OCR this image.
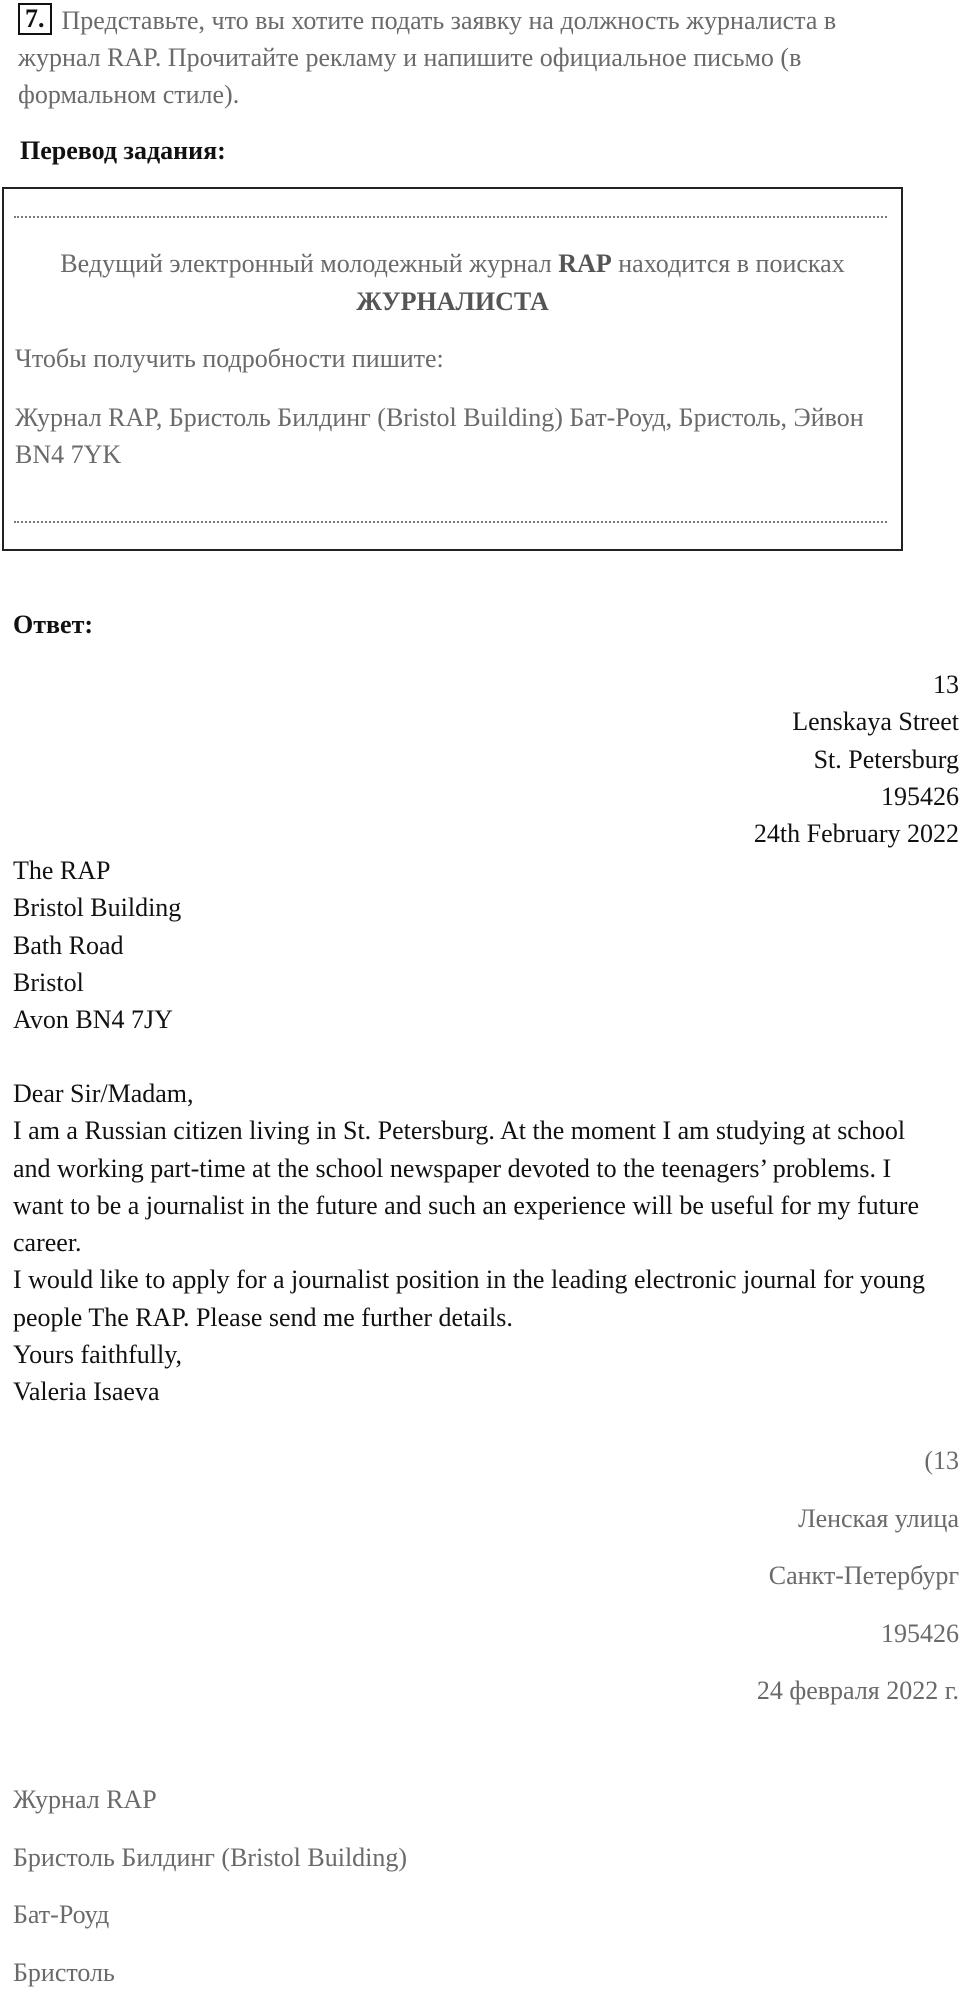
7. Представьте, что вы хотите подать заявку на должность журналиста в журнал RAP. Прочитайте рекламу и напишите официальное письмо (в формальном стиле).
Перевод задания:
Ведущий электронный молодежный журнал RAP находится в поисках
ЖУРНАЛИСТА
Чтобы получить подробности пишите:
Журнал RAP, Бристоль Билдинг (Bristol Building) Бат-Роуд, Бристоль, Эйвон BN4 7YK
Ответ:
13
Lenskaya Street
St. Petersburg
195426
24th February 2022
The RAP
Bristol Building
Bath Road
Bristol
Avon BN4 7JY

Dear Sir/Madam,

I am a Russian citizen living in St. Petersburg. At the moment I am studying at school and working part-time at the school newspaper devoted to the teenagers’ problems. I want to be a journalist in the future and such an experience will be useful for my future career.

I would like to apply for a journalist position in the leading electronic journal for young people The RAP. Please send me further details.

Yours faithfully,

Valeria Isaeva

(13
Ленская улица
Санкт-Петербург
195426
24 февраля 2022 г.
Журнал RAP
Бристоль Билдинг (Bristol Building)
Бат-Роуд
Бристоль
